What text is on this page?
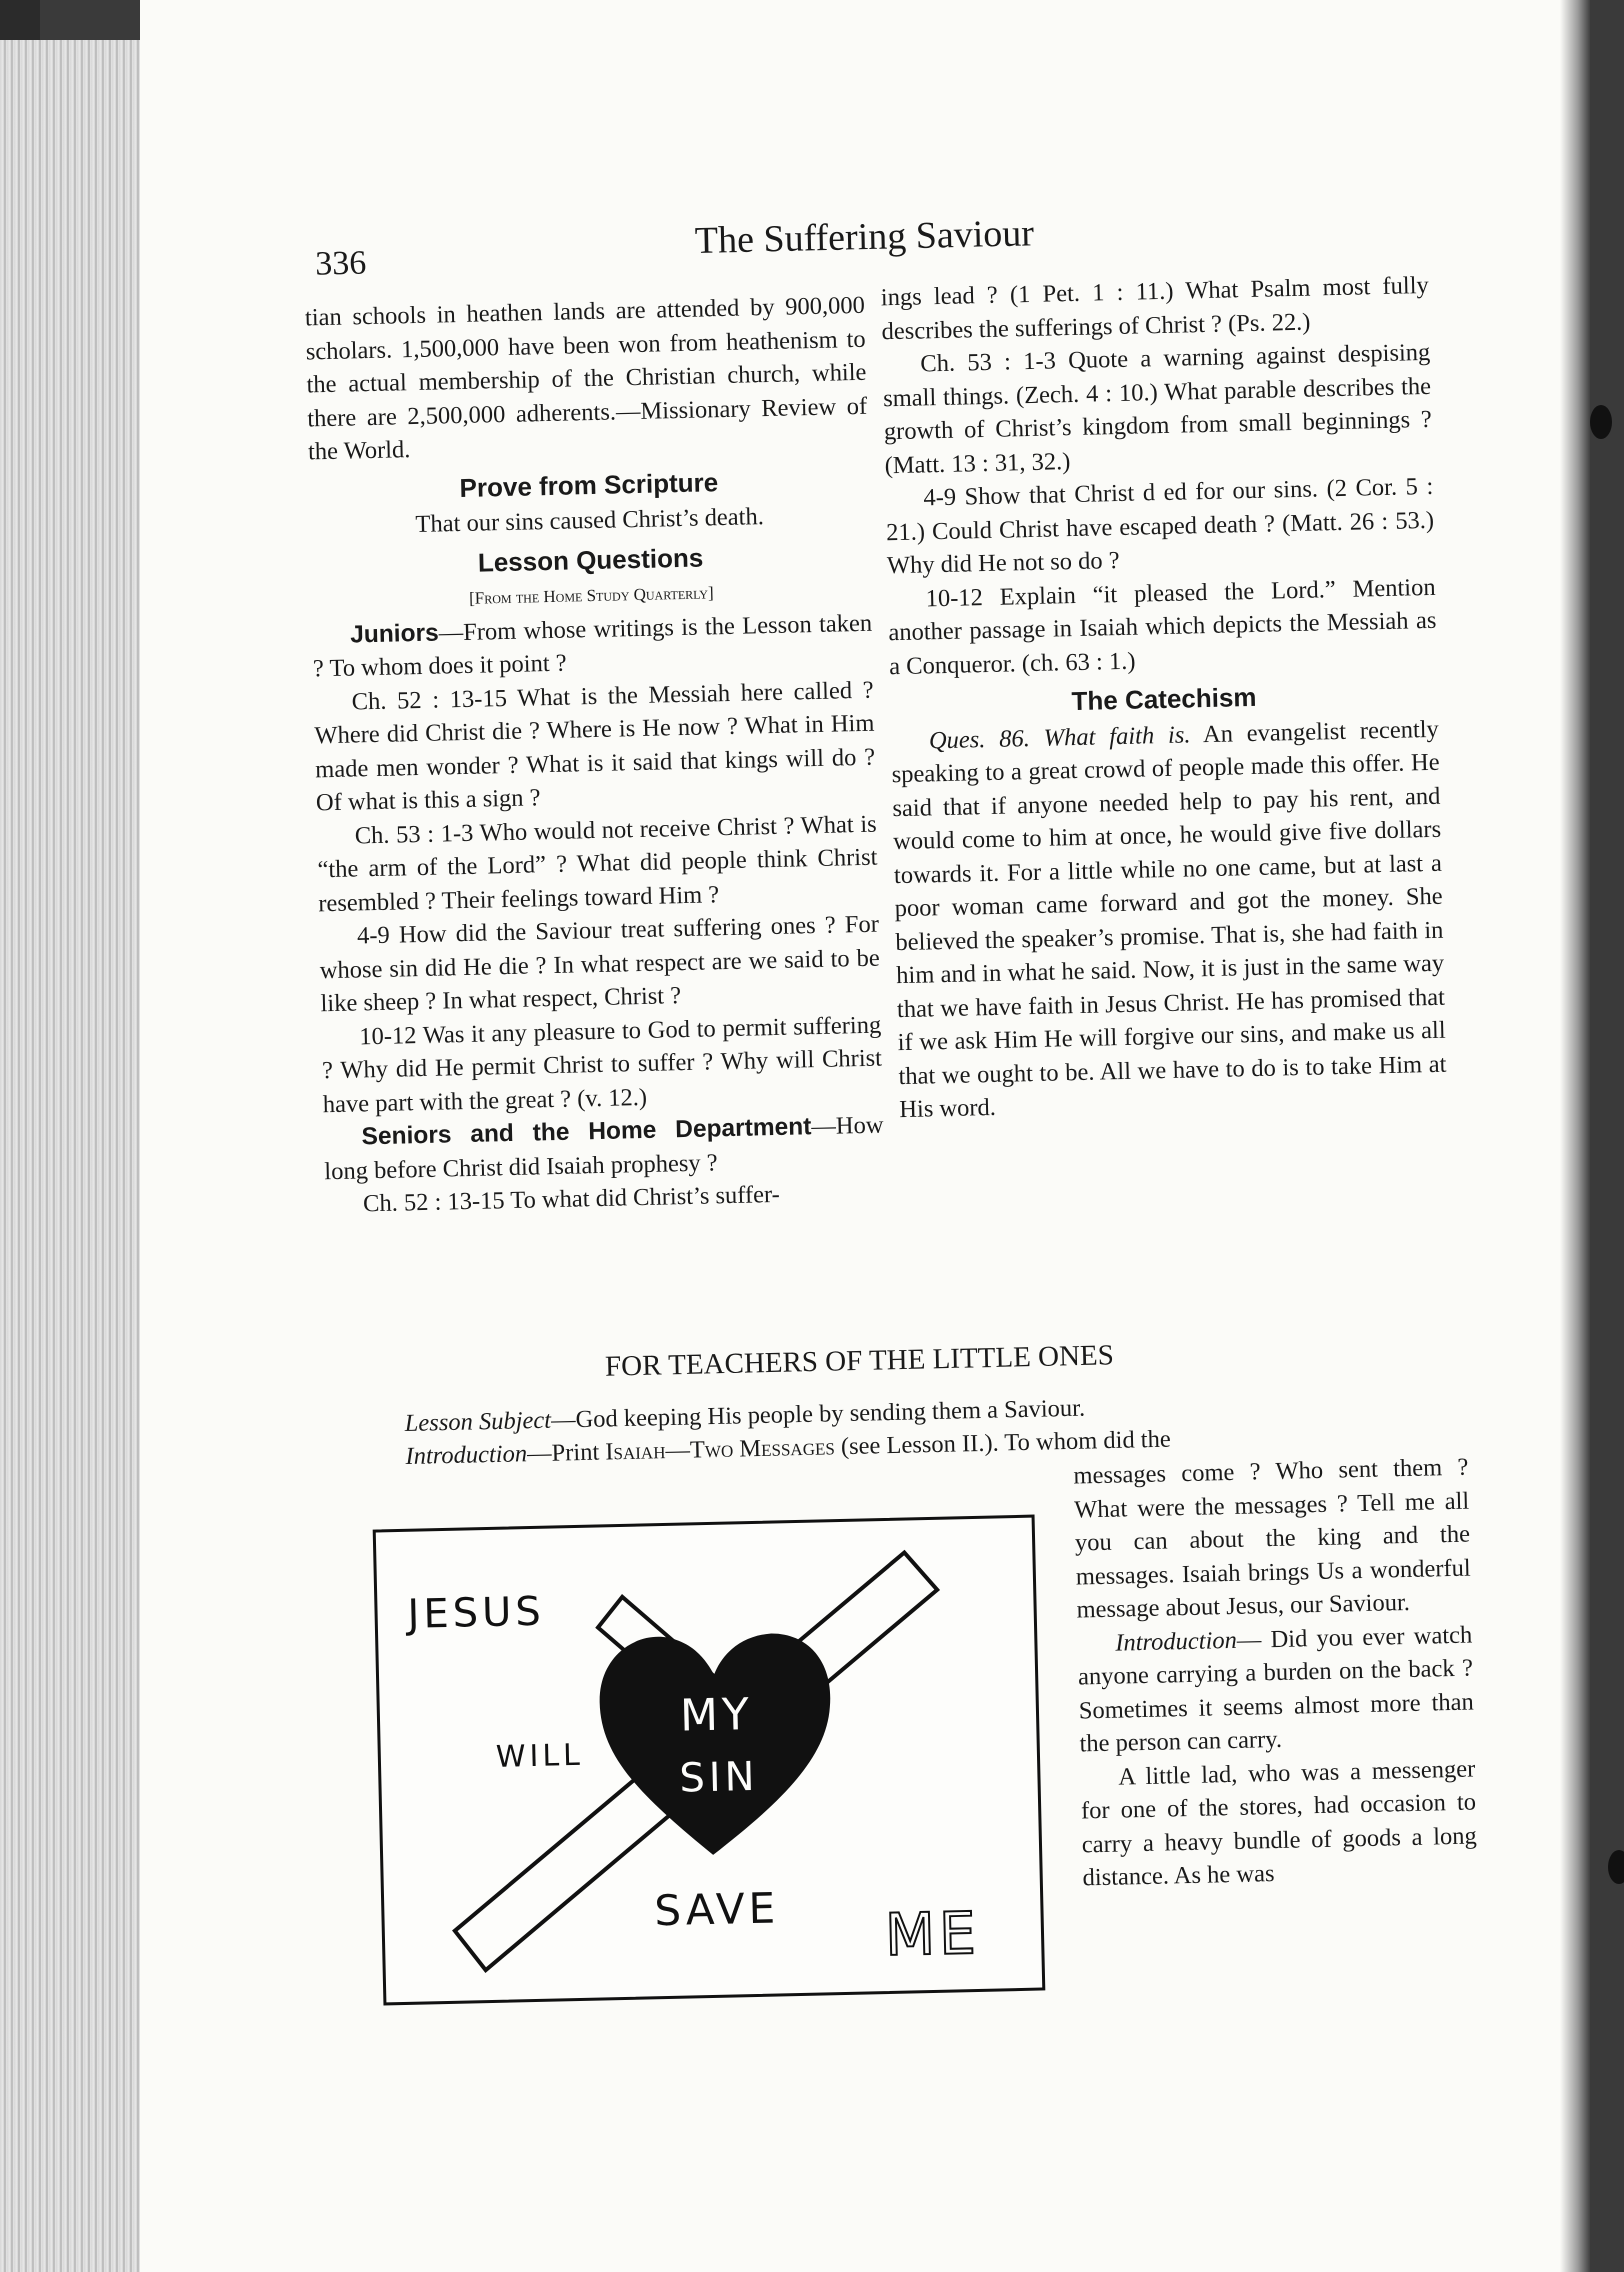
336
The Suffering Saviour

tian schools in heathen lands are attended by 900,000 scholars. 1,500,000 have been won from heathenism to the actual membership of the Christian church, while there are 2,500,000 adherents.—Missionary Review of the World.

Prove from Scripture

That our sins caused Christ’s death.

Lesson Questions

[From the Home Study Quarterly]

Juniors—From whose writings is the Lesson taken ? To whom does it point ?

Ch. 52 : 13-15 What is the Messiah here called ? Where did Christ die ? Where is He now ? What in Him made men wonder ? What is it said that kings will do ? Of what is this a sign ?

Ch. 53 : 1-3 Who would not receive Christ ? What is “the arm of the Lord” ? What did people think Christ resembled ? Their feelings toward Him ?

4-9 How did the Saviour treat suffering ones ? For whose sin did He die ? In what respect are we said to be like sheep ? In what respect, Christ ?

10-12 Was it any pleasure to God to permit suffering ? Why did He permit Christ to suffer ? Why will Christ have part with the great ? (v. 12.)

Seniors and the Home Department—How long before Christ did Isaiah prophesy ?

Ch. 52 : 13-15 To what did Christ’s suffer-

ings lead ? (1 Pet. 1 : 11.) What Psalm most fully describes the sufferings of Christ ? (Ps. 22.)

Ch. 53 : 1-3 Quote a warning against despising small things. (Zech. 4 : 10.) What parable describes the growth of Christ’s kingdom from small beginnings ? (Matt. 13 : 31, 32.)

4-9 Show that Christ d ed for our sins. (2 Cor. 5 : 21.) Could Christ have escaped death ? (Matt. 26 : 53.) Why did He not so do ?

10-12 Explain “it pleased the Lord.” Mention another passage in Isaiah which depicts the Messiah as a Conqueror. (ch. 63 : 1.)

The Catechism

Ques. 86. What faith is. An evangelist recently speaking to a great crowd of people made this offer. He said that if anyone needed help to pay his rent, and would come to him at once, he would give five dollars towards it. For a little while no one came, but at last a poor woman came forward and got the money. She believed the speaker’s promise. That is, she had faith in him and in what he said. Now, it is just in the same way that we have faith in Jesus Christ. He has promised that if we ask Him He will forgive our sins, and make us all that we ought to be. All we have to do is to take Him at His word.

FOR TEACHERS OF THE LITTLE ONES

Lesson Subject—God keeping His people by sending them a Saviour.

Introduction—Print Isaiah—Two Messages (see Lesson II.). To whom did the

messages come ? Who sent them ? What were the messages ? Tell me all you can about the king and the messages. Isaiah brings Us a wonderful message about Jesus, our Saviour.

Introduction— Did you ever watch anyone carrying a burden on the back ? Sometimes it seems almost more than the person can carry.

A little lad, who was a messenger for one of the stores, had occasion to carry a heavy bundle of goods a long distance. As he was

JESUS
WILL
MY
SIN
SAVE ME
